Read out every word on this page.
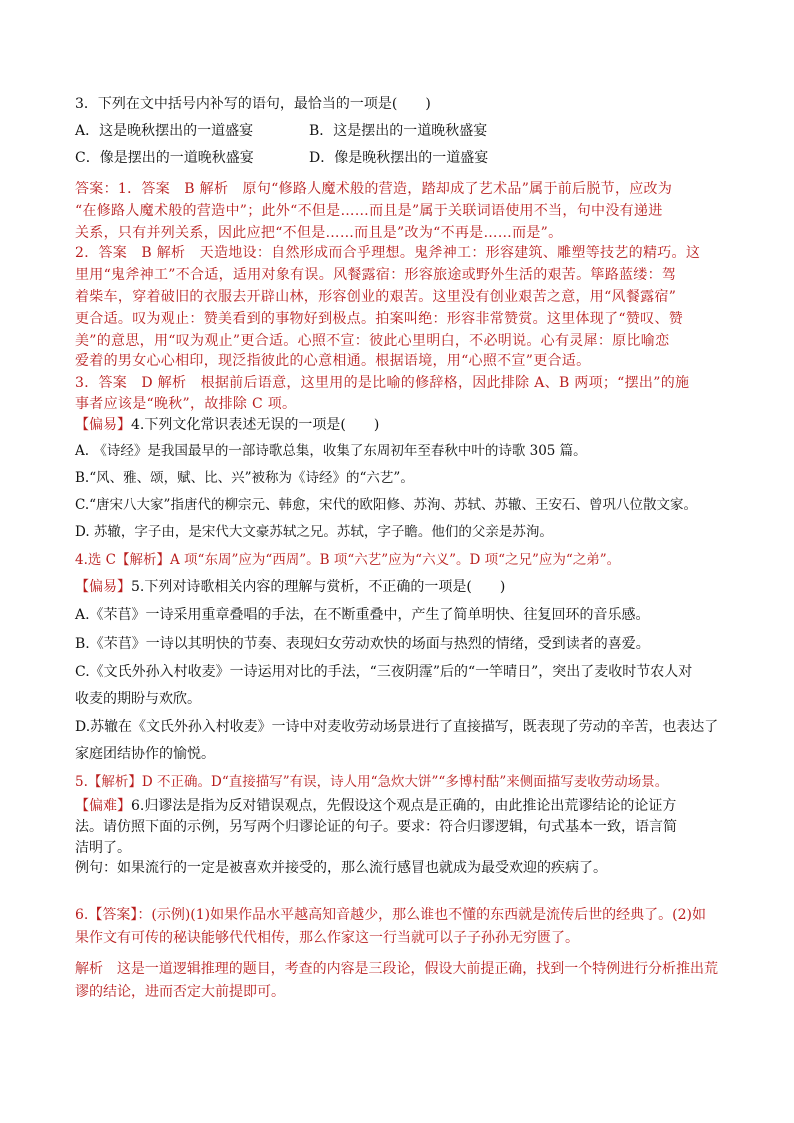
3．下列在文中括号内补写的语句，最恰当的一项是(　　)
A．这是晚秋摆出的一道盛宴	B．这是摆出的一道晚秋盛宴
C．像是摆出的一道晚秋盛宴	D．像是晚秋摆出的一道盛宴
答案：1．答案　B 解析　原句“修路人魔术般的营造，踏却成了艺术品”属于前后脱节，应改为
“在修路人魔术般的营造中”；此外“不但是……而且是”属于关联词语使用不当，句中没有递进
关系，只有并列关系，因此应把“不但是……而且是”改为“不再是……而是”。
2．答案　B 解析　天造地设：自然形成而合乎理想。鬼斧神工：形容建筑、雕塑等技艺的精巧。这
里用“鬼斧神工”不合适，适用对象有误。风餐露宿：形容旅途或野外生活的艰苦。筚路蓝缕：驾
着柴车，穿着破旧的衣服去开辟山林，形容创业的艰苦。这里没有创业艰苦之意，用“风餐露宿”
更合适。叹为观止：赞美看到的事物好到极点。拍案叫绝：形容非常赞赏。这里体现了“赞叹、赞
美”的意思，用“叹为观止”更合适。心照不宣：彼此心里明白，不必明说。心有灵犀：原比喻恋
爱着的男女心心相印，现泛指彼此的心意相通。根据语境，用“心照不宣”更合适。
3．答案　D 解析　根据前后语意，这里用的是比喻的修辞格，因此排除 A、B 两项；“摆出”的施
事者应该是“晚秋”，故排除 C 项。
【偏易】4.下列文化常识表述无误的一项是(　　)
A. 《诗经》是我国最早的一部诗歌总集，收集了东周初年至春秋中叶的诗歌 305 篇。
B.“风、雅、颂，赋、比、兴”被称为《诗经》的“六艺”。
C.“唐宋八大家”指唐代的柳宗元、韩愈，宋代的欧阳修、苏洵、苏轼、苏辙、王安石、曾巩八位散文家。
D. 苏辙，字子由，是宋代大文豪苏轼之兄。苏轼，字子瞻。他们的父亲是苏洵。
4.选 C【解析】A 项“东周”应为“西周”。B 项“六艺”应为“六义”。D 项“之兄”应为“之弟”。
【偏易】5.下列对诗歌相关内容的理解与赏析，不正确的一项是(　　)
A.《芣苢》一诗采用重章叠唱的手法，在不断重叠中，产生了简单明快、往复回环的音乐感。
B.《芣苢》一诗以其明快的节奏、表现妇女劳动欢快的场面与热烈的情绪，受到读者的喜爱。
C.《文氏外孙入村收麦》一诗运用对比的手法，“三夜阴霪”后的“一竿晴日”，突出了麦收时节农人对
收麦的期盼与欢欣。
D.苏辙在《文氏外孙入村收麦》一诗中对麦收劳动场景进行了直接描写，既表现了劳动的辛苦，也表达了
家庭团结协作的愉悦。
5.【解析】D 不正确。D“直接描写”有误，诗人用“急炊大饼”“多博村酤”来侧面描写麦收劳动场景。
【偏难】6.归谬法是指为反对错误观点，先假设这个观点是正确的，由此推论出荒谬结论的论证方
法。请仿照下面的示例，另写两个归谬论证的句子。要求：符合归谬逻辑，句式基本一致，语言简
洁明了。
例句：如果流行的一定是被喜欢并接受的，那么流行感冒也就成为最受欢迎的疾病了。
6.【答案】：(示例)(1)如果作品水平越高知音越少，那么谁也不懂的东西就是流传后世的经典了。(2)如
果作文有可传的秘诀能够代代相传，那么作家这一行当就可以子子孙孙无穷匮了。
解析　这是一道逻辑推理的题目，考查的内容是三段论，假设大前提正确，找到一个特例进行分析推出荒
谬的结论，进而否定大前提即可。
